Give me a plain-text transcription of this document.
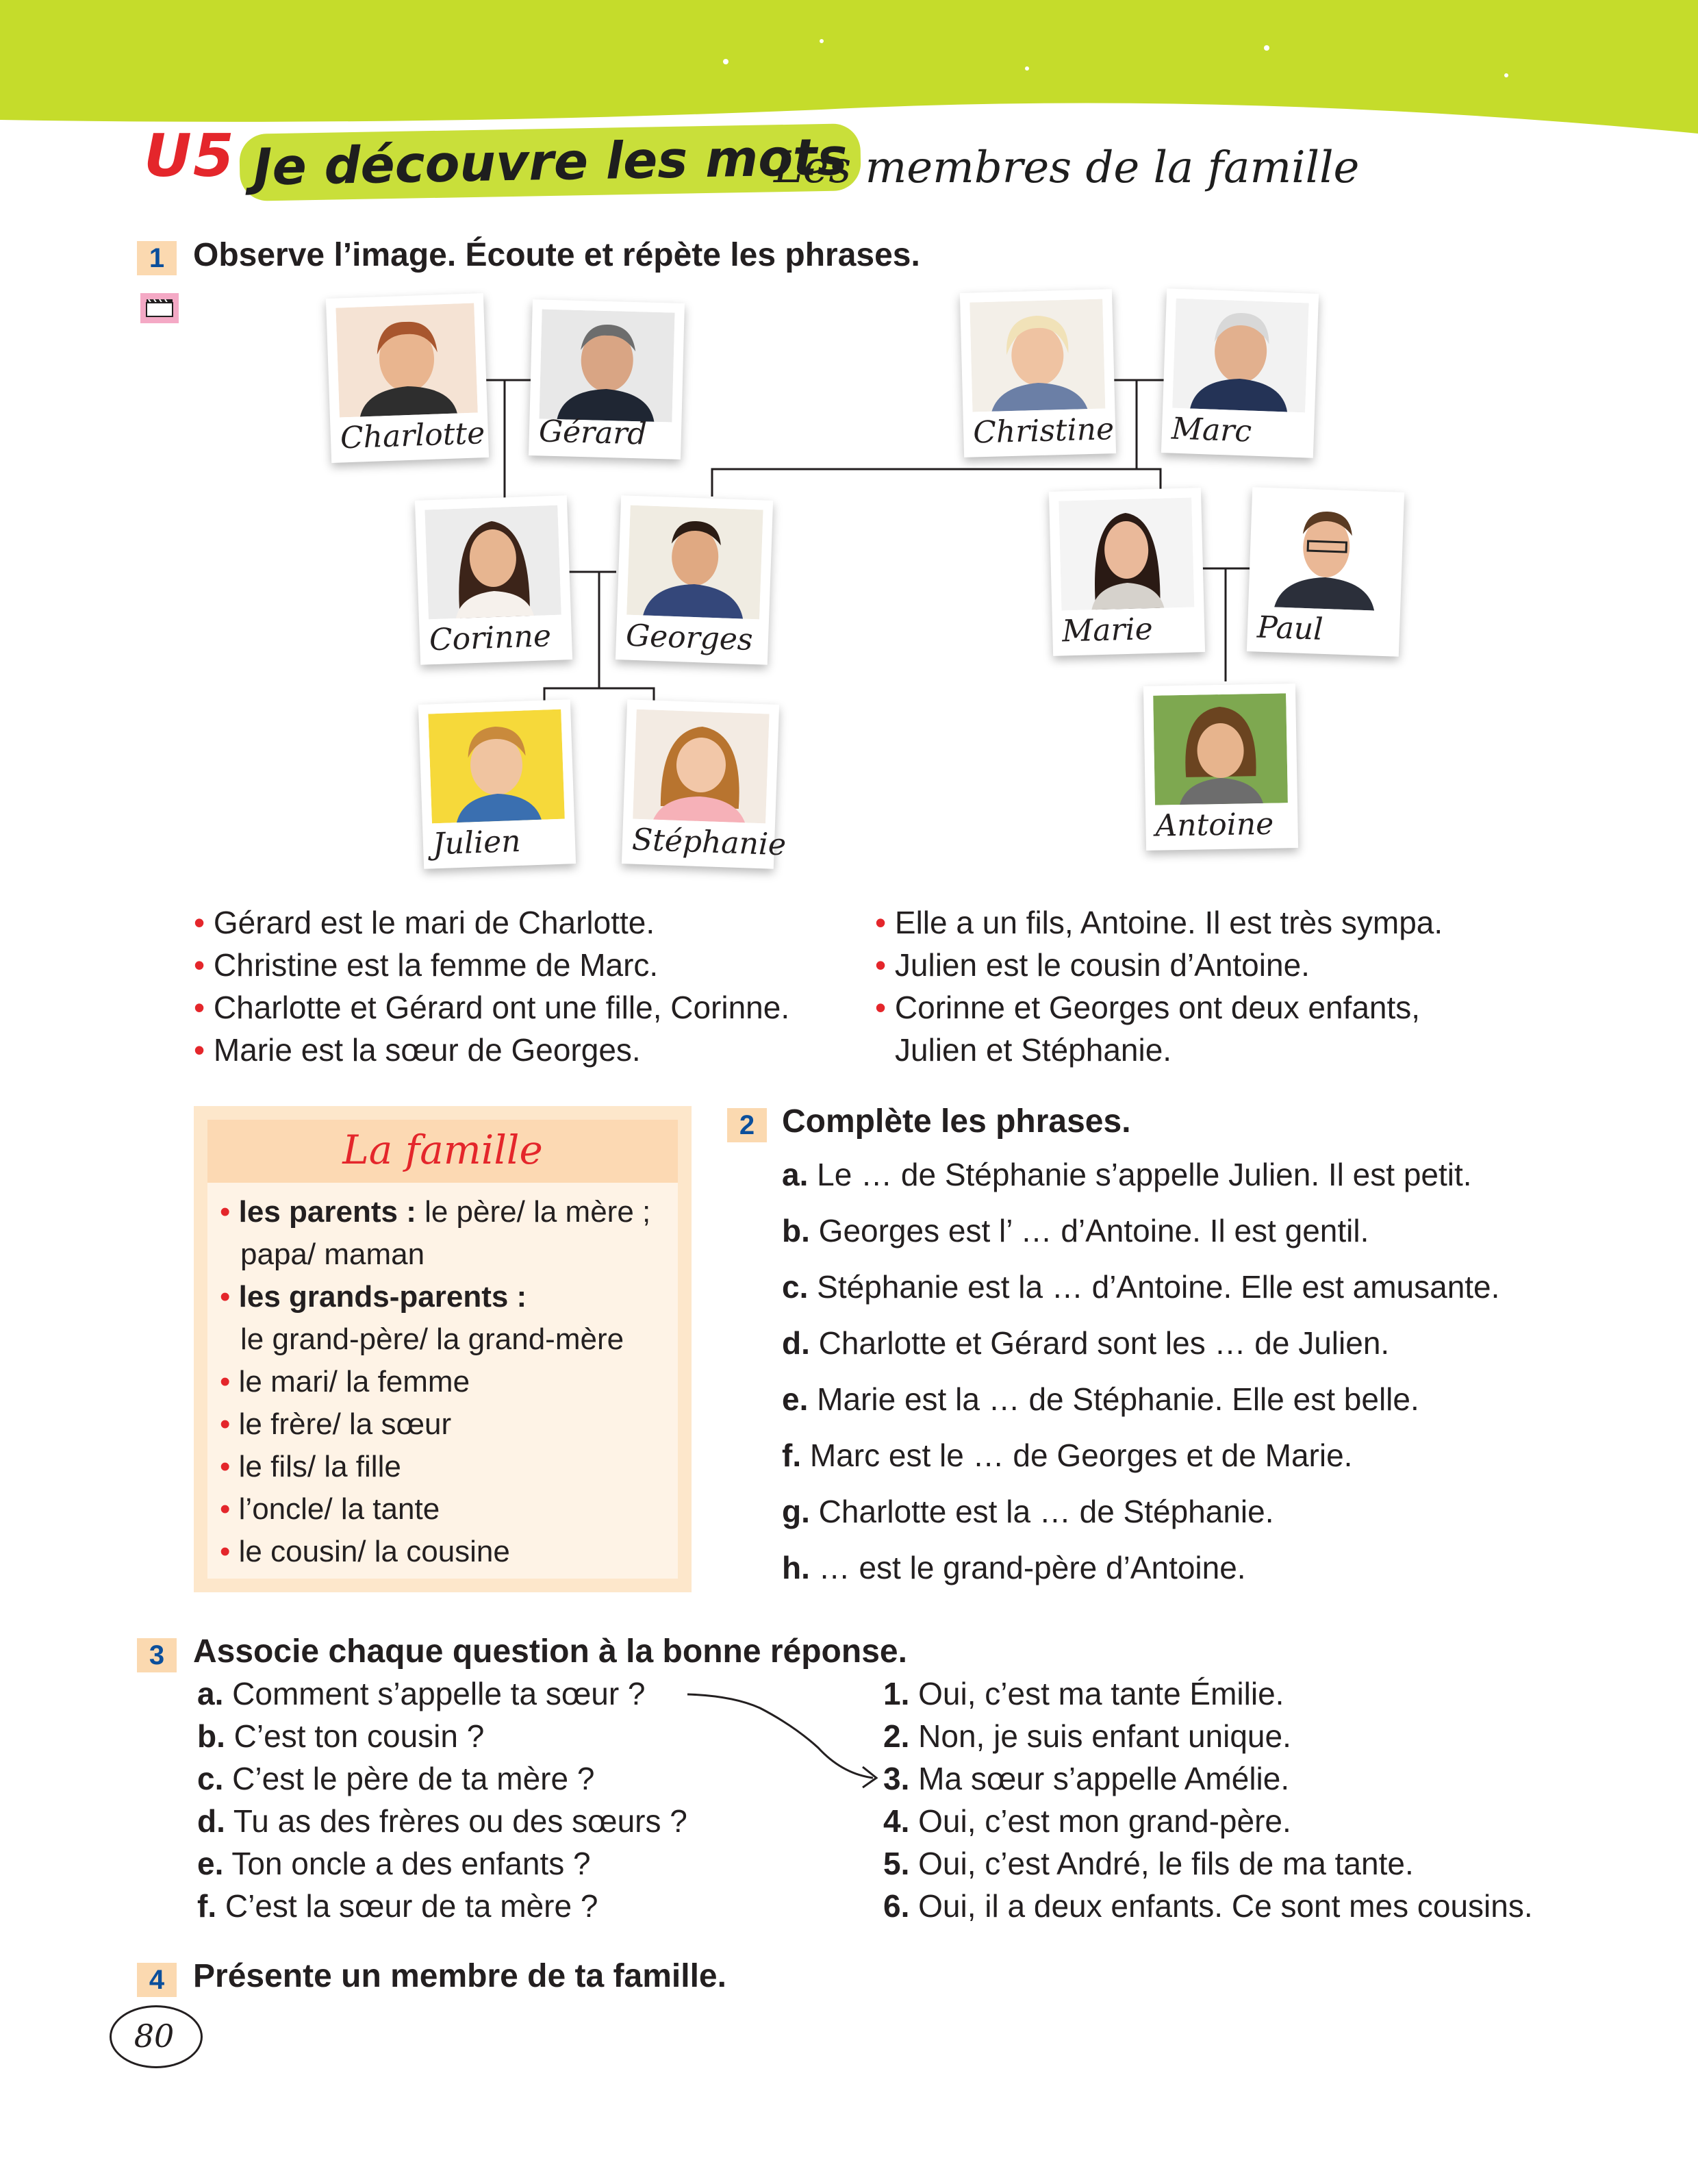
U5 Je découvre les mots
Les membres de la famille
1 Observe l’image. Écoute et répète les phrases.
Charlotte Gérard	Christine Marc
Corinne	Georges	Marie	Paul
Julien	Stéphanie	Antoine
• Gérard est le mari de Charlotte.
• Christine est la femme de Marc.
• Charlotte et Gérard ont une fille, Corinne.
• Marie est la sœur de Georges.
• Elle a un fils, Antoine. Il est très sympa.
• Julien est le cousin d’Antoine.
• Corinne et Georges ont deux enfants,
Julien et Stéphanie.
La famille
• les parents : le père/ la mère ;
papa/ maman
• les grands-parents :
le grand-père/ la grand-mère
• le mari/ la femme
• le frère/ la sœur
• le fils/ la fille
• l’oncle/ la tante
• le cousin/ la cousine
2 Complète les phrases.
a. Le … de Stéphanie s’appelle Julien. Il est petit.
b. Georges est l’ … d’Antoine. Il est gentil.
c. Stéphanie est la … d’Antoine. Elle est amusante.
d. Charlotte et Gérard sont les … de Julien.
e. Marie est la … de Stéphanie. Elle est belle.
f. Marc est le … de Georges et de Marie.
g. Charlotte est la … de Stéphanie.
h. … est le grand-père d’Antoine.
3 Associe chaque question à la bonne réponse.
a. Comment s’appelle ta sœur ?
b. C’est ton cousin ?
c. C’est le père de ta mère ?
d. Tu as des frères ou des sœurs ?
e. Ton oncle a des enfants ?
f. C’est la sœur de ta mère ?
1. Oui, c’est ma tante Émilie.
2. Non, je suis enfant unique.
3. Ma sœur s’appelle Amélie.
4. Oui, c’est mon grand-père.
5. Oui, c’est André, le fils de ma tante.
6. Oui, il a deux enfants. Ce sont mes cousins.
4 Présente un membre de ta famille.
80
